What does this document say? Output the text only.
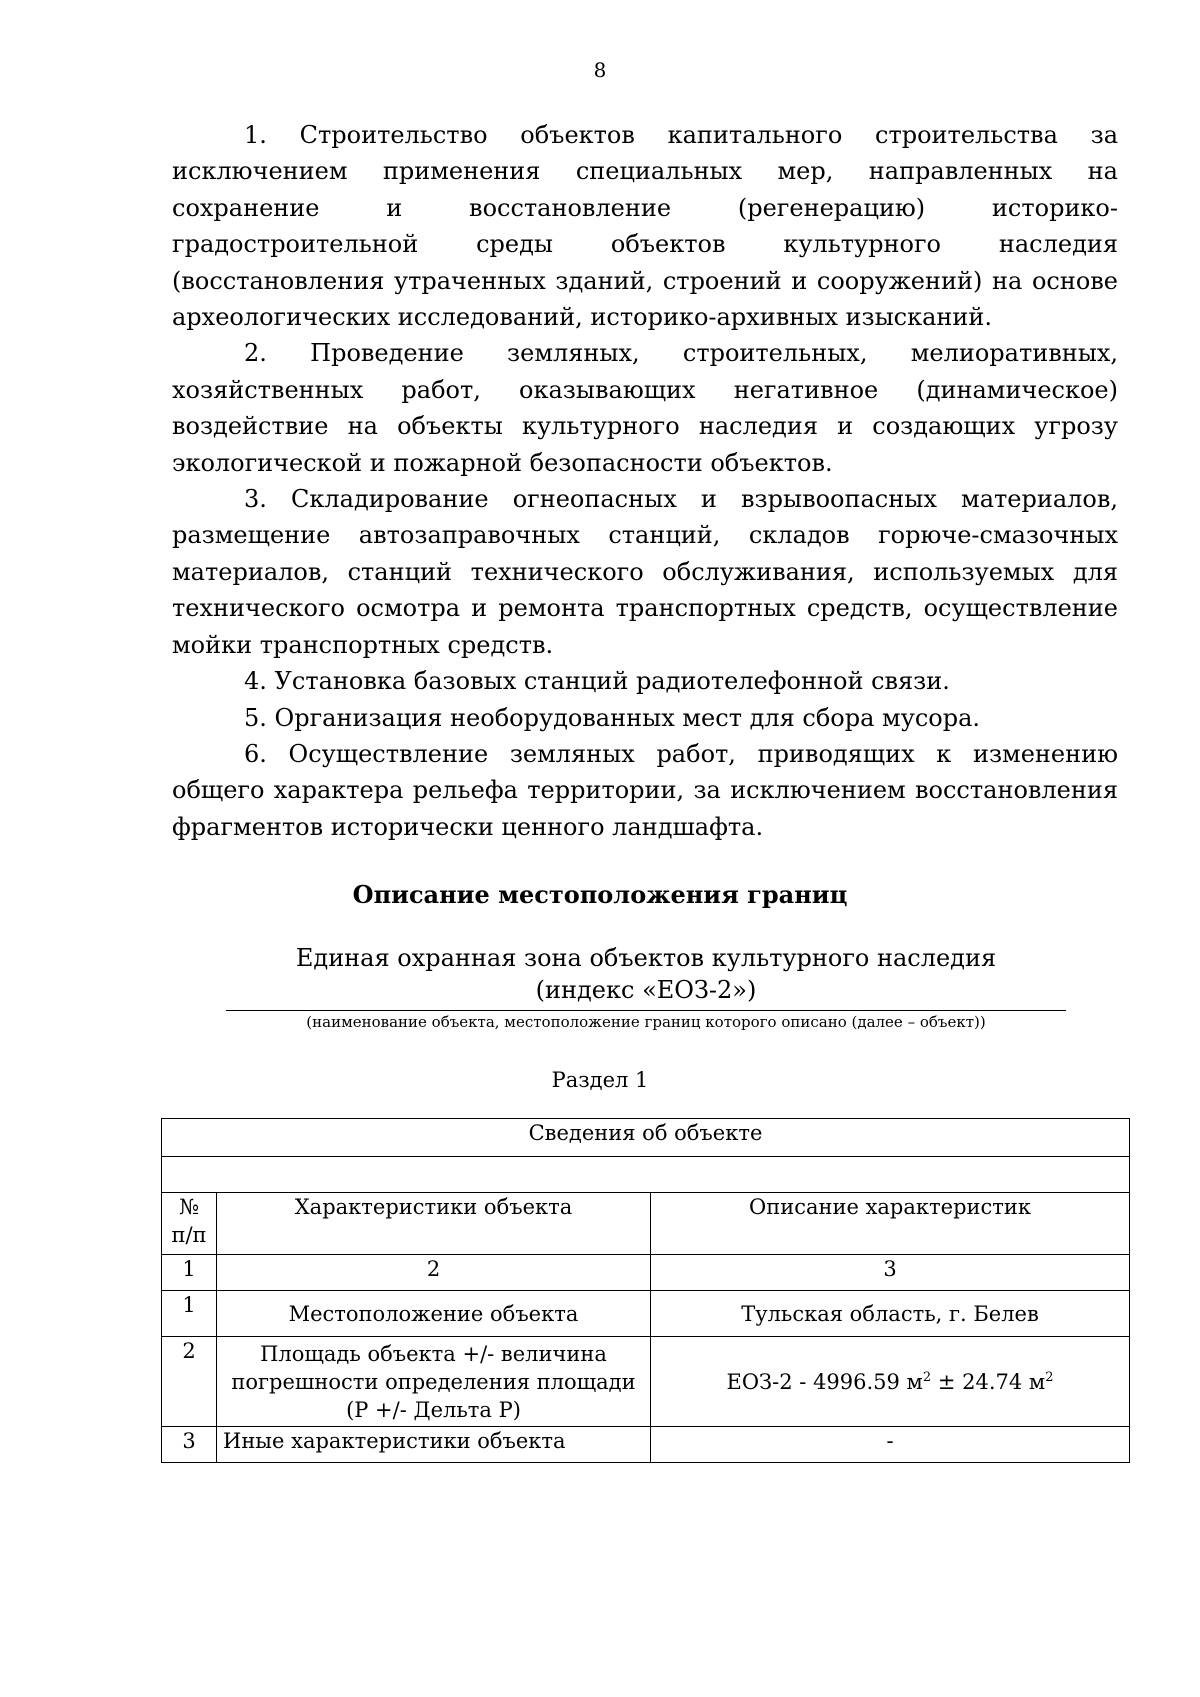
8

1. Строительство объектов капитального строительства за исключением применения специальных мер, направленных на сохранение и восстановление (регенерацию) историко-градостроительной среды объектов культурного наследия (восстановления утраченных зданий, строений и сооружений) на основе археологических исследований, историко-архивных изысканий.

2. Проведение земляных, строительных, мелиоративных, хозяйственных работ, оказывающих негативное (динамическое) воздействие на объекты культурного наследия и создающих угрозу экологической и пожарной безопасности объектов.

3. Складирование огнеопасных и взрывоопасных материалов, размещение автозаправочных станций, складов горюче-смазочных материалов, станций технического обслуживания, используемых для технического осмотра и ремонта транспортных средств, осуществление мойки транспортных средств.

4. Установка базовых станций радиотелефонной связи.

5. Организация необорудованных мест для сбора мусора.

6. Осуществление земляных работ, приводящих к изменению общего характера рельефа территории, за исключением восстановления фрагментов исторически ценного ландшафта.

Описание местоположения границ
Единая охранная зона объектов культурного наследия
(индекс «ЕОЗ-2»)
(наименование объекта, местоположение границ которого описано (далее – объект))
Раздел 1
Сведения об объекте		

№
п/п	Характеристики объекта	Описание характеристик
1	2	3
1	Местоположение объекта	Тульская область, г. Белев
2	Площадь объекта +/- величина
погрешности определения площади
(Р +/- Дельта Р)	ЕОЗ-2 - 4996.59 $м^2 \pm 24.74$ $м^2$
3	Иные характеристики объекта	-
